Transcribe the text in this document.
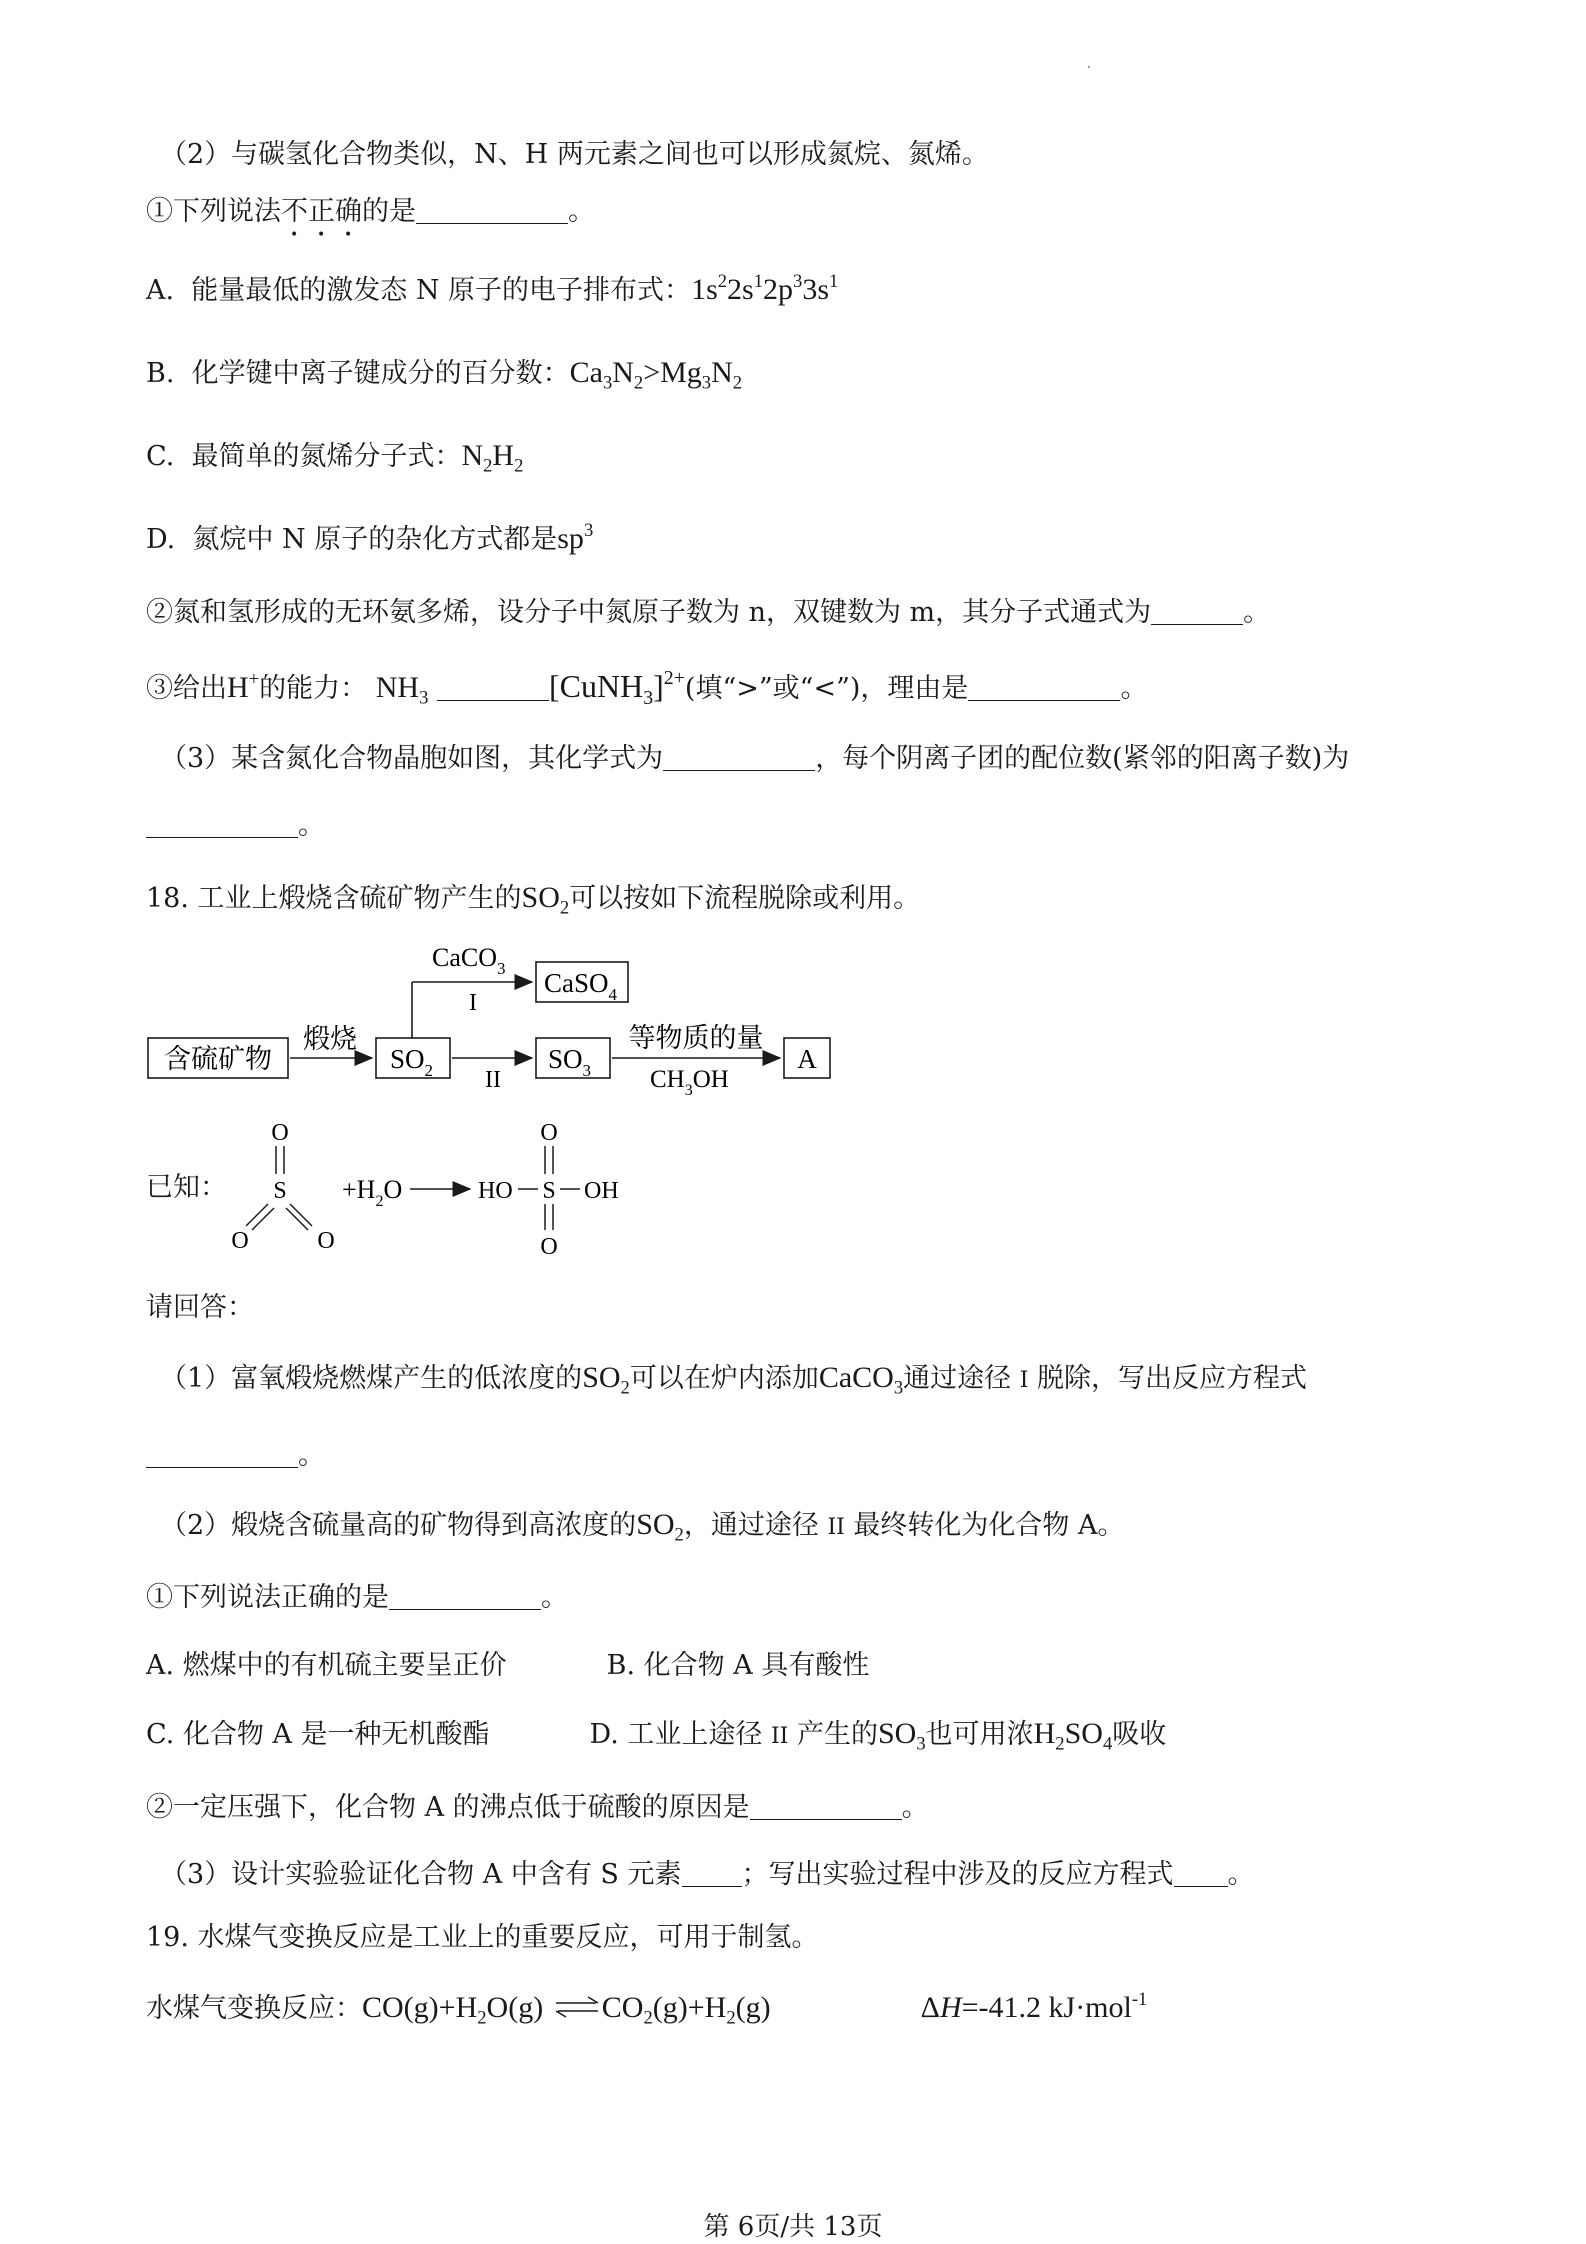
（2）与碳氢化合物类似，N、H 两元素之间也可以形成氮烷、氮烯。
①下列说法不正确的是	。
A. 能量最低的激发态 N 原子的电子排布式：$1s^22s^12p^33s^1$
B. 化学键中离子键成分的百分数：$Ca_3N_2>Mg_3N_2$
C. 最简单的氮烯分子式：$N_2H_2$
D. 氮烷中 N 原子的杂化方式都是$sp^3$
②氮和氢形成的无环氨多烯，设分子中氮原子数为 n，双键数为 m，其分子式通式为	。
③给出H+的能力： $NH_3$	[CuNH$_3$]$^{2+}$(填“>”或“<”)，理由是	。
（3）某含氮化合物晶胞如图，其化学式为	，每个阴离子团的配位数(紧邻的阳离子数)为
。
18. 工业上煅烧含硫矿物产生的$SO_2$可以按如下流程脱除或利用。
含硫矿物
煅烧
$SO_2$
CaCO$_3$
I
CaSO$_4$
II
$SO_3$
等物质的量
$CH_3OH$
A
已知：
O
S
O	O
$+H_2O$	HO S OH
O
O
请回答：
（1）富氧煅烧燃煤产生的低浓度的$SO_2$可以在炉内添加CaCO$_3$通过途径 I 脱除，写出反应方程式
。
（2）煅烧含硫量高的矿物得到高浓度的$SO_2$，通过途径 II 最终转化为化合物 A。
①下列说法正确的是	。
A. 燃煤中的有机硫主要呈正价	B. 化合物 A 具有酸性
C. 化合物 A 是一种无机酸酯	D. 工业上途径 II 产生的$SO_3$也可用浓$H_2SO_4$吸收
②一定压强下，化合物 A 的沸点低于硫酸的原因是	。
（3）设计实验验证化合物 A 中含有 S 元素 ；写出实验过程中涉及的反应方程式 。
19. 水煤气变换反应是工业上的重要反应，可用于制氢。
水煤气变换反应：$CO(g)+H_2O(g)$ $\rightleftharpoons CO_2(g)+H_2(g)$	ΔH=-41.2 kJ·mol$^{-1}$
第 6页/共 13页
